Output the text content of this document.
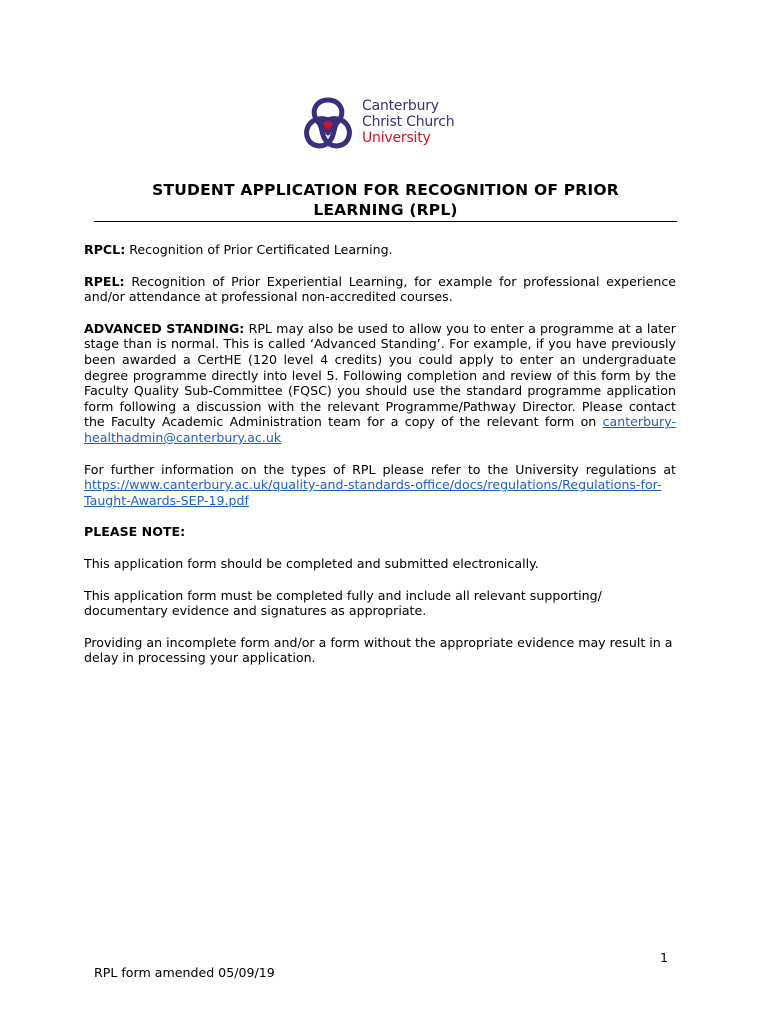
Canterbury
Christ Church
University
STUDENT APPLICATION FOR RECOGNITION OF PRIOR
LEARNING (RPL)

RPCL: Recognition of Prior Certificated Learning.

RPEL: Recognition of Prior Experiential Learning, for example for professional experience and/or attendance at professional non-accredited courses.

ADVANCED STANDING: RPL may also be used to allow you to enter a programme at a later stage than is normal. This is called ‘Advanced Standing’. For example, if you have previously been awarded a CertHE (120 level 4 credits) you could apply to enter an undergraduate degree programme directly into level 5. Following completion and review of this form by the Faculty Quality Sub-Committee (FQSC) you should use the standard programme application form following a discussion with the relevant Programme/Pathway Director. Please contact the Faculty Academic Administration team for a copy of the relevant form on canterbury-healthadmin@canterbury.ac.uk

For further information on the types of RPL please refer to the University regulations at https://www.canterbury.ac.uk/quality-and-standards-office/docs/regulations/Regulations-for-Taught-Awards-SEP-19.pdf

PLEASE NOTE:

This application form should be completed and submitted electronically.

This application form must be completed fully and include all relevant supporting/ documentary evidence and signatures as appropriate.

Providing an incomplete form and/or a form without the appropriate evidence may result in a delay in processing your application.

1
RPL form amended 05/09/19
